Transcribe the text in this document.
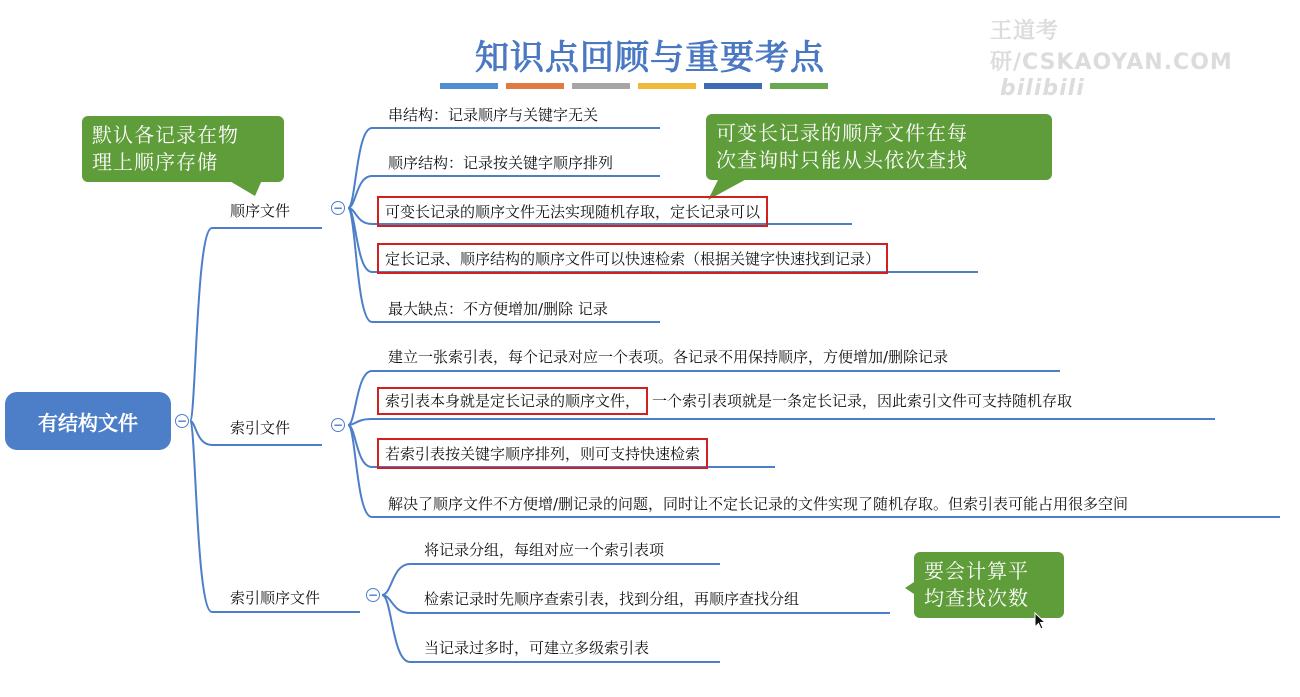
知识点回顾与重要考点
王道考研/CSKAOYAN.COM bilibili
有结构文件	−
顺序文件	−
串结构：记录顺序与关键字无关
顺序结构：记录按关键字顺序排列
可变长记录的顺序文件无法实现随机存取，定长记录可以
定长记录、顺序结构的顺序文件可以快速检索（根据关键字快速找到记录）
最大缺点：不方便增加/删除 记录
索引文件	−
建立一张索引表，每个记录对应一个表项。各记录不用保持顺序，方便增加/删除记录
索引表本身就是定长记录的顺序文件， 一个索引表项就是一条定长记录，因此索引文件可支持随机存取
若索引表按关键字顺序排列，则可支持快速检索
解决了顺序文件不方便增/删记录的问题，同时让不定长记录的文件实现了随机存取。但索引表可能占用很多空间
索引顺序文件	−
将记录分组，每组对应一个索引表项
检索记录时先顺序查索引表，找到分组，再顺序查找分组
当记录过多时，可建立多级索引表
默认各记录在物
理上顺序存储
可变长记录的顺序文件在每
次查询时只能从头依次查找
要会计算平
均查找次数
